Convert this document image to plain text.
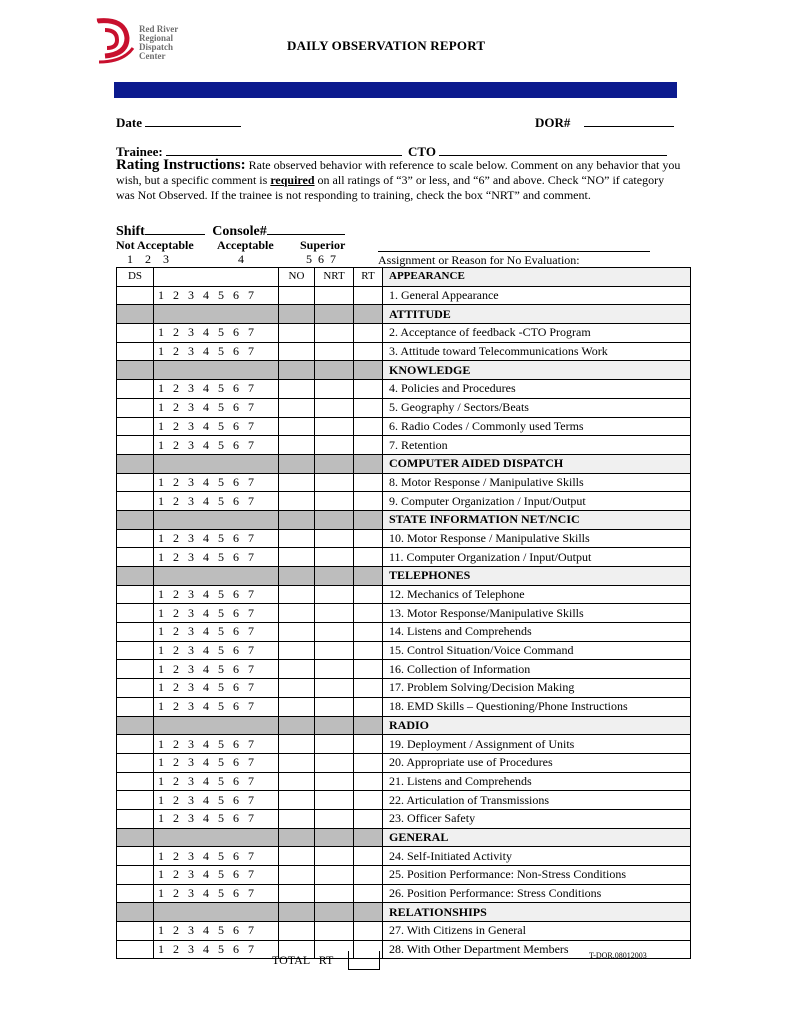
Red River
Regional
Dispatch
Center
DAILY OBSERVATION REPORT
Date	DOR#
Trainee:	CTO
Rating Instructions: Rate observed behavior with reference to scale below. Comment on any behavior that you wish, but a specific comment is required on all ratings of “3” or less, and “6” and above. Check “NO” if category was Not Observed. If the trainee is not responding to training, check the box “NRT” and comment.
Shift	Console#
Not Acceptable Acceptable Superior
1    2    3	4	5  6  7	Assignment or Reason for No Evaluation:
DS		NO	NRT	RT	APPEARANCE
	1 2 3 4 5 6 7				1. General Appearance
					ATTITUDE
	1 2 3 4 5 6 7				2. Acceptance of feedback -CTO Program
	1 2 3 4 5 6 7				3. Attitude toward Telecommunications Work
					KNOWLEDGE
	1 2 3 4 5 6 7				4. Policies and Procedures
	1 2 3 4 5 6 7				5. Geography / Sectors/Beats
	1 2 3 4 5 6 7				6. Radio Codes / Commonly used Terms
	1 2 3 4 5 6 7				7. Retention
					COMPUTER AIDED DISPATCH
	1 2 3 4 5 6 7				8. Motor Response / Manipulative Skills
	1 2 3 4 5 6 7				9. Computer Organization / Input/Output
					STATE INFORMATION NET/NCIC
	1 2 3 4 5 6 7				10. Motor Response / Manipulative Skills
	1 2 3 4 5 6 7				11. Computer Organization / Input/Output
					TELEPHONES
	1 2 3 4 5 6 7				12. Mechanics of Telephone
	1 2 3 4 5 6 7				13. Motor Response/Manipulative Skills
	1 2 3 4 5 6 7				14. Listens and Comprehends
	1 2 3 4 5 6 7				15. Control Situation/Voice Command
	1 2 3 4 5 6 7				16. Collection of Information
	1 2 3 4 5 6 7				17. Problem Solving/Decision Making
	1 2 3 4 5 6 7				18. EMD Skills – Questioning/Phone Instructions
					RADIO
	1 2 3 4 5 6 7				19. Deployment / Assignment of Units
	1 2 3 4 5 6 7				20. Appropriate use of Procedures
	1 2 3 4 5 6 7				21. Listens and Comprehends
	1 2 3 4 5 6 7				22. Articulation of Transmissions
	1 2 3 4 5 6 7				23. Officer Safety
					GENERAL
	1 2 3 4 5 6 7				24. Self-Initiated Activity
	1 2 3 4 5 6 7				25. Position Performance: Non-Stress Conditions
	1 2 3 4 5 6 7				26. Position Performance: Stress Conditions
					RELATIONSHIPS
	1 2 3 4 5 6 7				27. With Citizens in General
	1 2 3 4 5 6 7				28. With Other Department Members
TOTAL   RT	T-DOR.08012003
